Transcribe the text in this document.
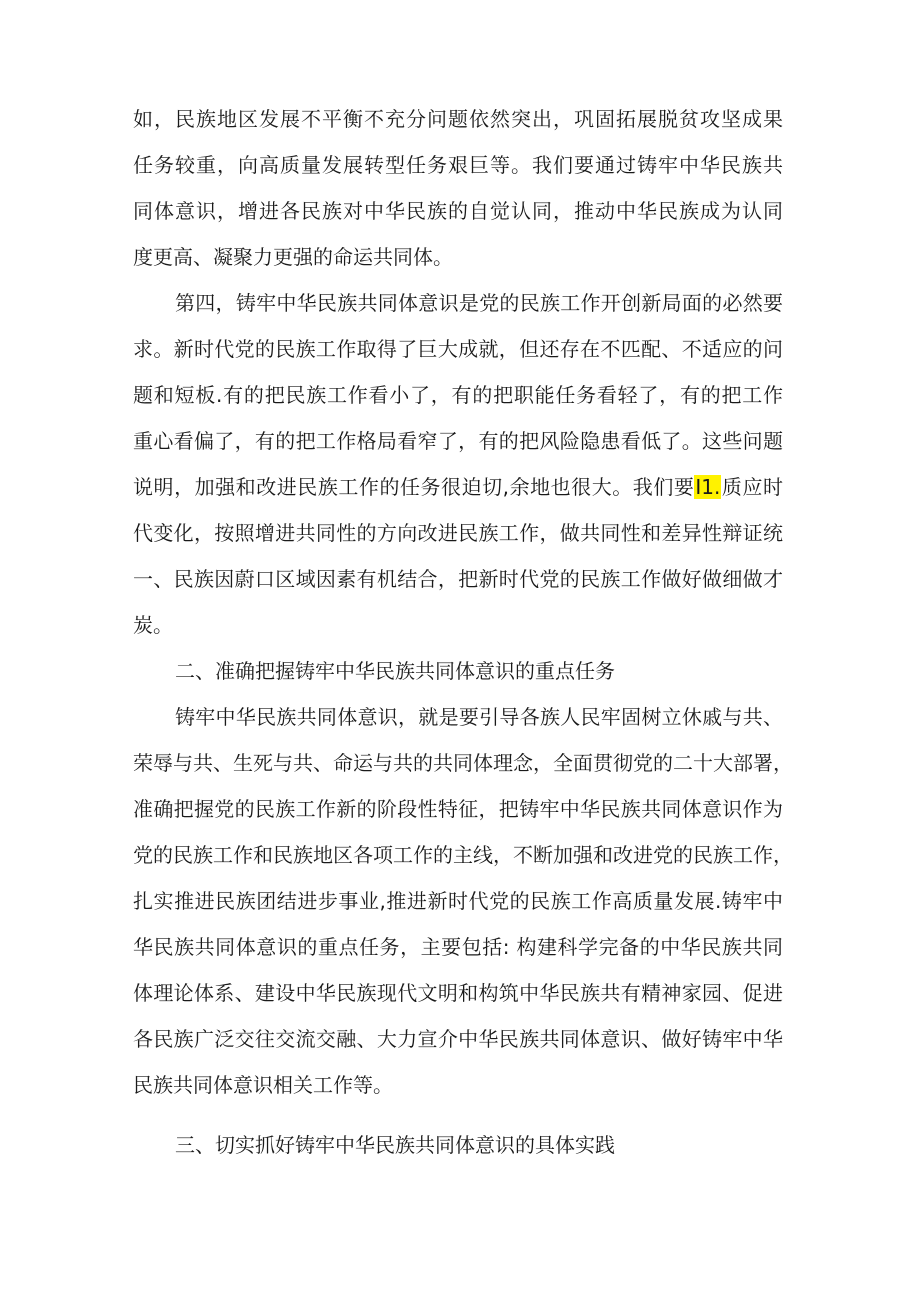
如，民族地区发展不平衡不充分问题依然突出，巩固拓展脱贫攻坚成果
任务较重，向高质量发展转型任务艰巨等。我们要通过铸牢中华民族共
同体意识，增进各民族对中华民族的自觉认同，推动中华民族成为认同
度更高、凝聚力更强的命运共同体。
第四，铸牢中华民族共同体意识是党的民族工作开创新局面的必然要
求。新时代党的民族工作取得了巨大成就，但还存在不匹配、不适应的问
题和短板.有的把民族工作看小了，有的把职能任务看轻了，有的把工作
重心看偏了，有的把工作格局看窄了，有的把风险隐患看低了。这些问题
说明，加强和改进民族工作的任务很迫切,余地也很大。我们要I1.质应时
代变化，按照增进共同性的方向改进民族工作，做共同性和差异性辩证统
一、民族因蔚口区域因素有机结合，把新时代党的民族工作做好做细做才
炭。
二、准确把握铸牢中华民族共同体意识的重点任务
铸牢中华民族共同体意识，就是要引导各族人民牢固树立休戚与共、
荣辱与共、生死与共、命运与共的共同体理念，全面贯彻党的二十大部署，
准确把握党的民族工作新的阶段性特征，把铸牢中华民族共同体意识作为
党的民族工作和民族地区各项工作的主线，不断加强和改进党的民族工作，
扎实推进民族团结进步事业,推进新时代党的民族工作高质量发展.铸牢中
华民族共同体意识的重点任务，主要包括: 构建科学完备的中华民族共同
体理论体系、建设中华民族现代文明和构筑中华民族共有精神家园、促进
各民族广泛交往交流交融、大力宣介中华民族共同体意识、做好铸牢中华
民族共同体意识相关工作等。
三、切实抓好铸牢中华民族共同体意识的具体实践
